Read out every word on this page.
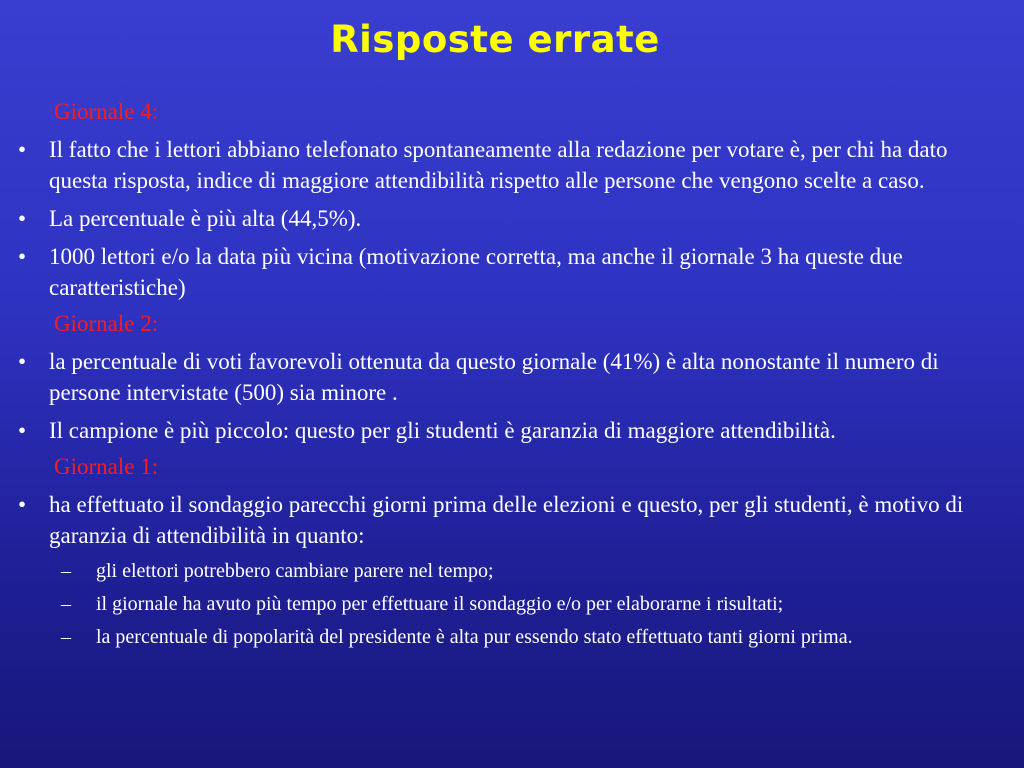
Risposte errate
Giornale 4:
• Il fatto che i lettori abbiano telefonato spontaneamente alla redazione per votare è, per chi ha dato questa risposta, indice di maggiore attendibilità rispetto alle persone che vengono scelte a caso.
• La percentuale è più alta (44,5%).
• 1000 lettori e/o la data più vicina (motivazione corretta, ma anche il giornale 3 ha queste due caratteristiche)
Giornale 2:
• la percentuale di voti favorevoli ottenuta da questo giornale (41%) è alta nonostante il numero di persone intervistate (500) sia minore .
• Il campione è più piccolo: questo per gli studenti è garanzia di maggiore attendibilità.
Giornale 1:
• ha effettuato il sondaggio parecchi giorni prima delle elezioni e questo, per gli studenti, è motivo di garanzia di attendibilità in quanto:
– gli elettori potrebbero cambiare parere nel tempo;
– il giornale ha avuto più tempo per effettuare il sondaggio e/o per elaborarne i risultati;
– la percentuale di popolarità del presidente è alta pur essendo stato effettuato tanti giorni prima.
